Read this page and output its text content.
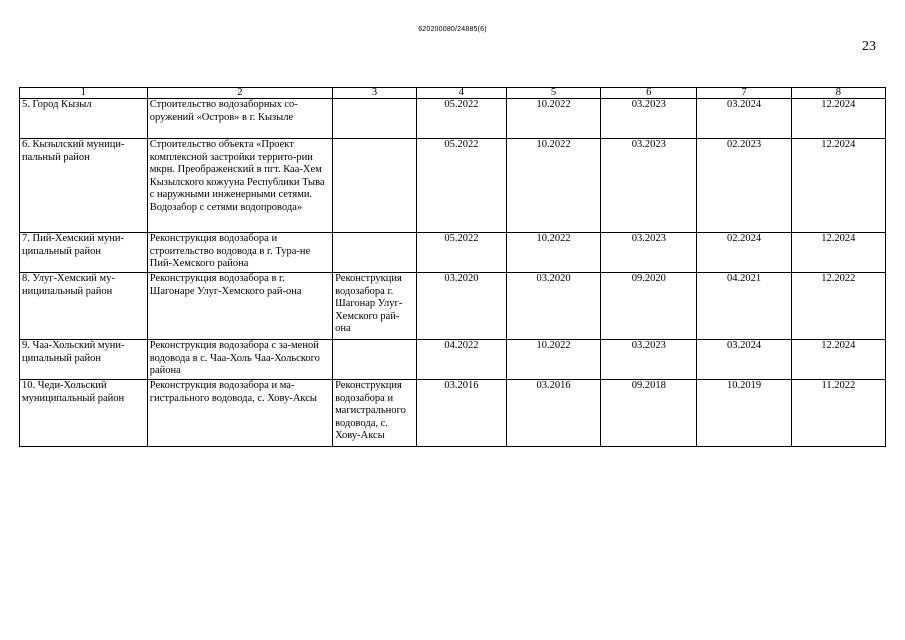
620200080/24885(6)
23
1	2	3	4	5	6	7	8
5. Город Кызыл	Строительство водозаборных со-оружений «Остров» в г. Кызыле		05.2022	10.2022	03.2023	03.2024	12.2024
6. Кызылский муници-пальный район	Строительство объекта «Проект комплексной застройки террито-рии мкрн. Преображенский в пгт. Каа-Хем Кызылского кожууна Республики Тыва с наружными инженерными сетями. Водозабор с сетями водопровода»		05.2022	10.2022	03.2023	02.2023	12.2024
7. Пий-Хемский муни-ципальный район	Реконструкция водозабора и строительство водовода в г. Тура-не Пий-Хемского района		05.2022	10.2022	03.2023	02.2024	12.2024
8. Улуг-Хемский му-ниципальный район	Реконструкция водозабора в г. Шагонаре Улуг-Хемского рай-она	Реконструкция водозабора г. Шагонар Улуг-Хемского рай-она	03.2020	03.2020	09.2020	04.2021	12.2022
9. Чаа-Хольский муни-ципальный район	Реконструкция водозабора с за-меной водовода в с. Чаа-Холь Чаа-Хольского района		04.2022	10.2022	03.2023	03.2024	12.2024
10. Чеди-Хольский муниципальный район	Реконструкция водозабора и ма-гистрального водовода, с. Хову-Аксы	Реконструкция водозабора и магистрального водовода, с. Хову-Аксы	03.2016	03.2016	09.2018	10.2019	11.2022
